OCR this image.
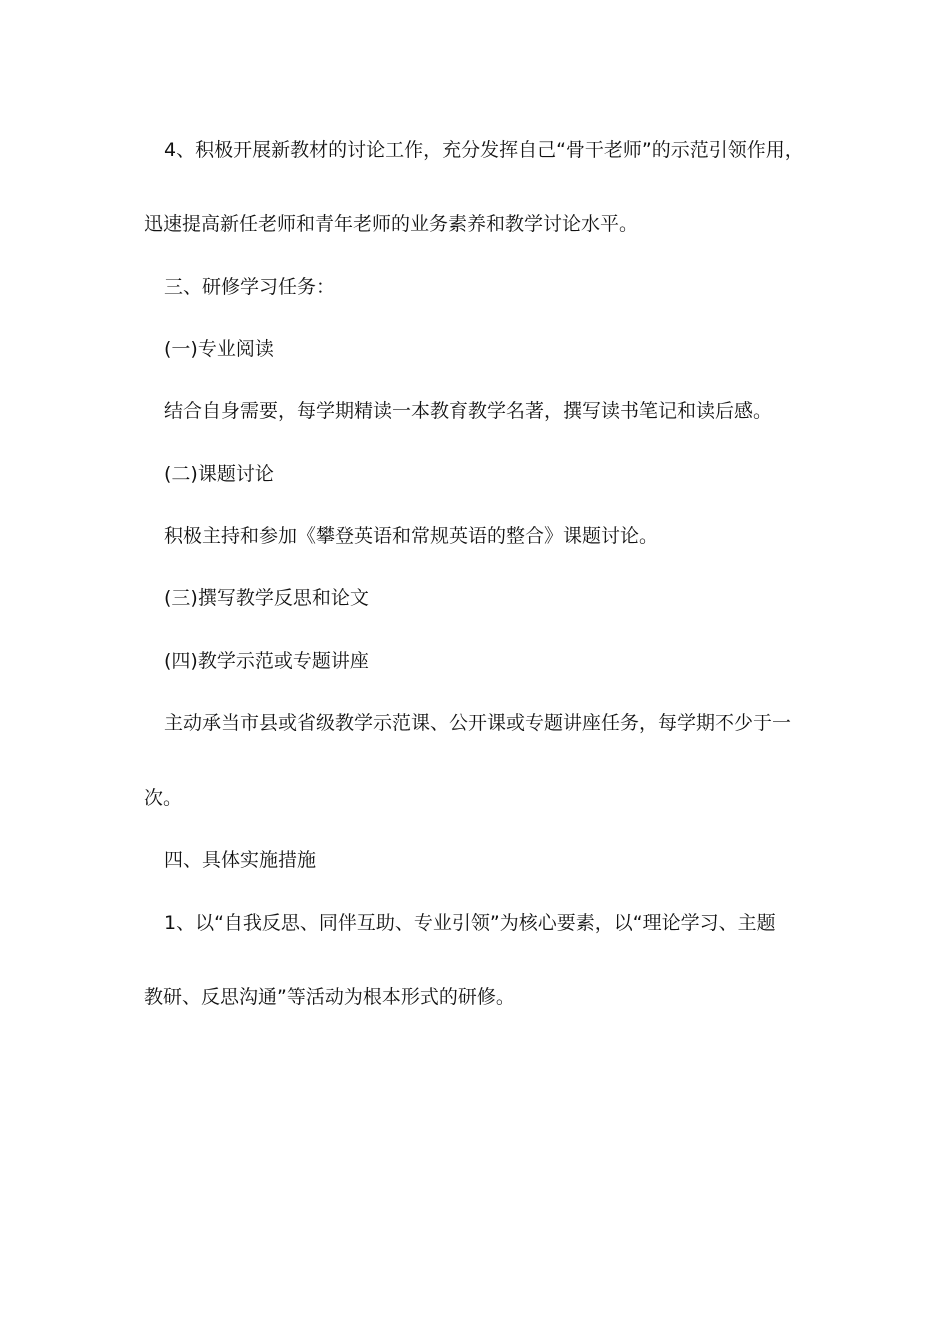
4、积极开展新教材的讨论工作，充分发挥自己“骨干老师”的示范引领作用，
迅速提高新任老师和青年老师的业务素养和教学讨论水平。
三、研修学习任务：
(一)专业阅读
结合自身需要，每学期精读一本教育教学名著，撰写读书笔记和读后感。
(二)课题讨论
积极主持和参加《攀登英语和常规英语的整合》课题讨论。
(三)撰写教学反思和论文
(四)教学示范或专题讲座
主动承当市县或省级教学示范课、公开课或专题讲座任务，每学期不少于一
次。
四、具体实施措施
1、以“自我反思、同伴互助、专业引领”为核心要素，以“理论学习、主题
教研、反思沟通”等活动为根本形式的研修。
